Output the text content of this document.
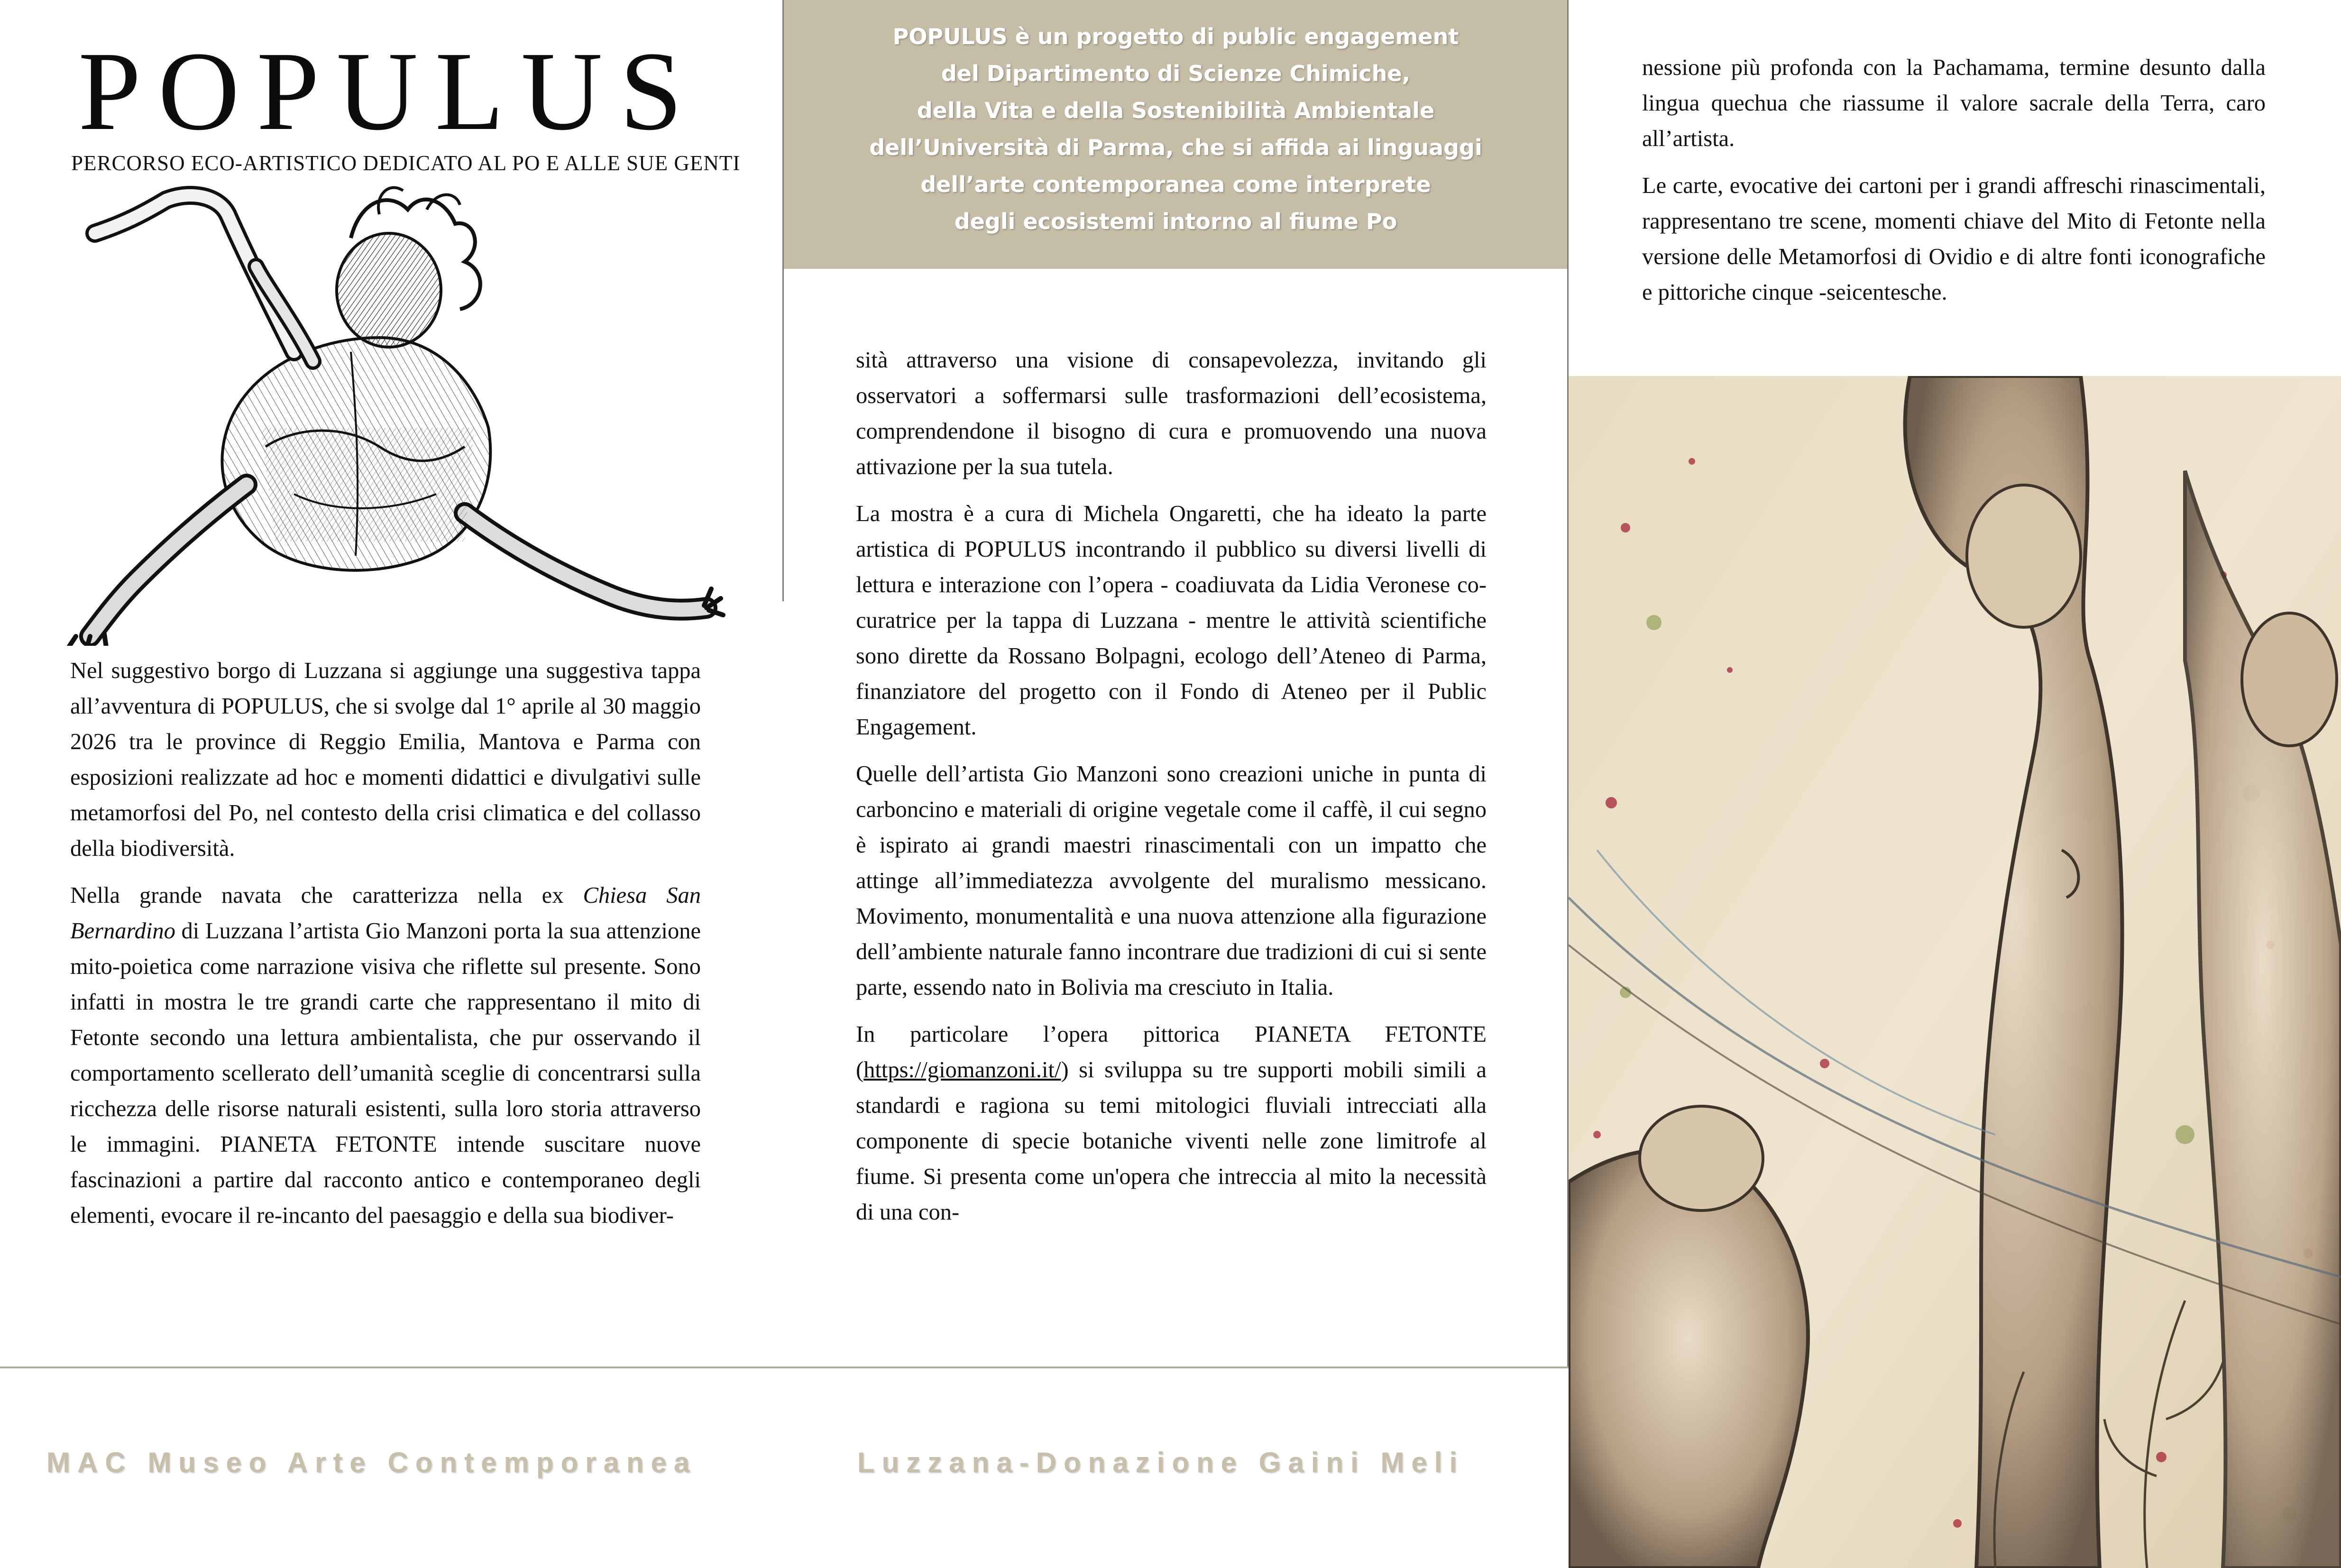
POPULUS
PERCORSO ECO-ARTISTICO DEDICATO AL PO E ALLE SUE GENTI

Nel suggestivo borgo di Luzzana si aggiunge una suggestiva tappa all’avventura di POPULUS, che si svolge dal 1° aprile al 30 maggio 2026 tra le province di Reggio Emilia, Mantova e Parma con esposizioni realizzate ad hoc e momenti didattici e divulgativi sulle metamorfosi del Po, nel contesto della crisi climatica e del collasso della biodiversità.

Nella grande navata che caratterizza nella ex Chiesa San Bernardino di Luzzana l’artista Gio Manzoni porta la sua attenzione mito-poietica come narrazione visiva che riflette sul presente. Sono infatti in mostra le tre grandi carte che rappresentano il mito di Fetonte secondo una lettura ambientalista, che pur osservando il comportamento scellerato dell’umanità sceglie di concentrarsi sulla ricchezza delle risorse naturali esistenti, sulla loro storia attraverso le immagini. PIANETA FETONTE intende suscitare nuove fascinazioni a partire dal racconto antico e contemporaneo degli elementi, evocare il re-incanto del paesaggio e della sua biodiver-

POPULUS è un progetto di public engagement
del Dipartimento di Scienze Chimiche,
della Vita e della Sostenibilità Ambientale
dell’Università di Parma, che si affida ai linguaggi
dell’arte contemporanea come interprete
degli ecosistemi intorno al fiume Po

sità attraverso una visione di consapevolezza, invitando gli osservatori a soffermarsi sulle trasformazioni dell’ecosistema, comprendendone il bisogno di cura e promuovendo una nuova attivazione per la sua tutela.

La mostra è a cura di Michela Ongaretti, che ha ideato la parte artistica di POPULUS incontrando il pubblico su diversi livelli di lettura e interazione con l’opera - coadiuvata da Lidia Veronese co-curatrice per la tappa di Luzzana - mentre le attività scientifiche sono dirette da Rossano Bolpagni, ecologo dell’Ateneo di Parma, finanziatore del progetto con il Fondo di Ateneo per il Public Engagement.

Quelle dell’artista Gio Manzoni sono creazioni uniche in punta di carboncino e materiali di origine vegetale come il caffè, il cui segno è ispirato ai grandi maestri rinascimentali con un impatto che attinge all’immediatezza avvolgente del muralismo messicano. Movimento, monumentalità e una nuova attenzione alla figurazione dell’ambiente naturale fanno incontrare due tradizioni di cui si sente parte, essendo nato in Bolivia ma cresciuto in Italia.

In particolare l’opera pittorica PIANETA FETONTE (https://giomanzoni.it/) si sviluppa su tre supporti mobili simili a standardi e ragiona su temi mitologici fluviali intrecciati alla componente di specie botaniche viventi nelle zone limitrofe al fiume. Si presenta come un'opera che intreccia al mito la necessità di una con-

nessione più profonda con la Pachamama, termine desunto dalla lingua quechua che riassume il valore sacrale della Terra, caro all’artista.

Le carte, evocative dei cartoni per i grandi affreschi rinascimentali, rappresentano tre scene, momenti chiave del Mito di Fetonte nella versione delle Metamorfosi di Ovidio e di altre fonti iconografiche e pittoriche cinque -seicentesche.

MAC Museo Arte Contemporanea	Luzzana-Donazione Gaini Meli
